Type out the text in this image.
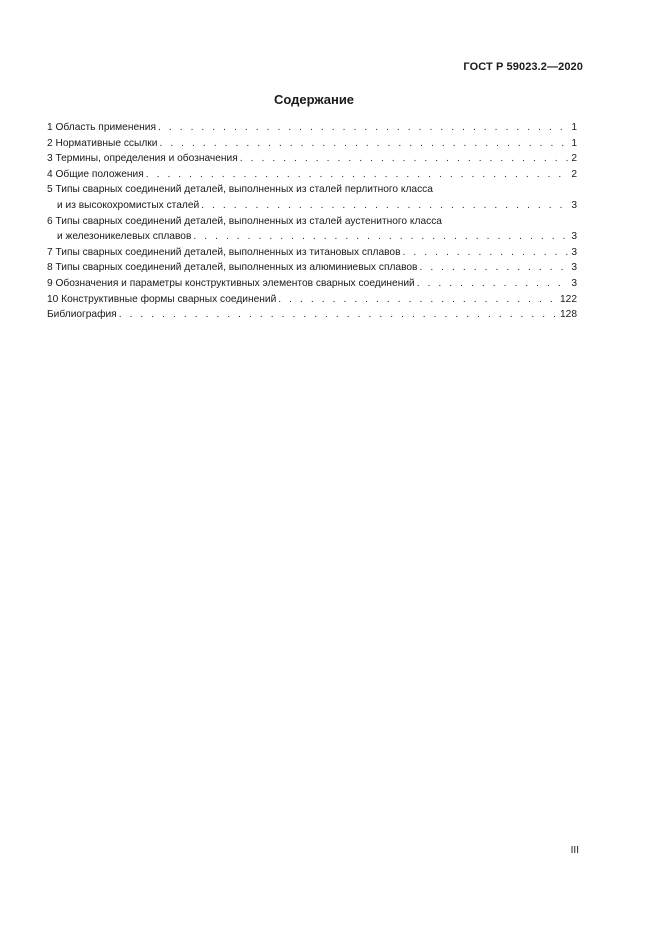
ГОСТ Р 59023.2—2020
Содержание
1 Область применения . . .	1
2 Нормативные ссылки . . .	1
3 Термины, определения и обозначения . . .	2
4 Общие положения . . .	2
5 Типы сварных соединений деталей, выполненных из сталей перлитного класса
и из высокохромистых сталей . . .	3
6 Типы сварных соединений деталей, выполненных из сталей аустенитного класса
и железоникелевых сплавов . . .	3
7 Типы сварных соединений деталей, выполненных из титановых сплавов . . .	3
8 Типы сварных соединений деталей, выполненных из алюминиевых сплавов . . .	3
9 Обозначения и параметры конструктивных элементов сварных соединений . . .	3
10 Конструктивные формы сварных соединений . . .	122
Библиография . . .	128
III
